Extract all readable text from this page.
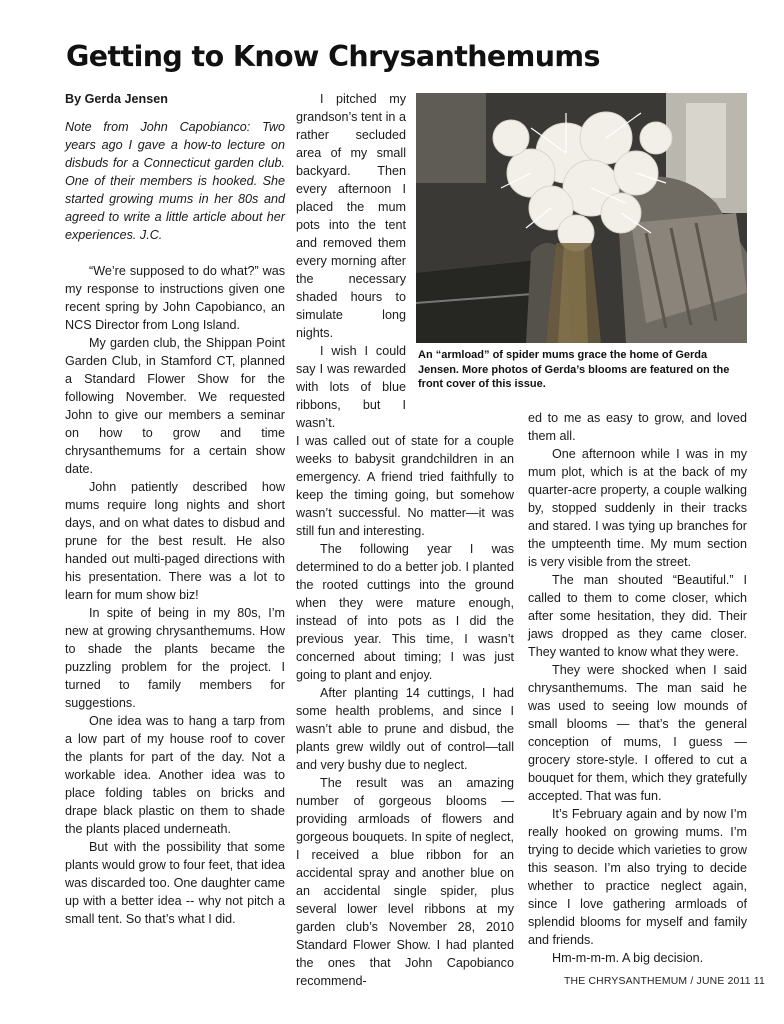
Getting to Know Chrysanthemums

By Gerda Jensen

Note from John Capobianco: Two years ago I gave a how-to lecture on disbuds for a Connecticut garden club. One of their members is hooked. She started growing mums in her 80s and agreed to write a little article about her experiences. J.C.

“We’re supposed to do what?” was my response to instructions given one recent spring by John Capobianco, an NCS Director from Long Island.

My garden club, the Shippan Point Garden Club, in Stamford CT, planned a Standard Flower Show for the following November. We requested John to give our members a seminar on how to grow and time chrysanthemums for a certain show date.

John patiently described how mums require long nights and short days, and on what dates to disbud and prune for the best result. He also handed out multi-paged directions with his presentation. There was a lot to learn for mum show biz!

In spite of being in my 80s, I’m new at growing chrysanthemums. How to shade the plants became the puzzling problem for the project. I turned to family members for suggestions.

One idea was to hang a tarp from a low part of my house roof to cover the plants for part of the day. Not a workable idea. Another idea was to place folding tables on bricks and drape black plastic on them to shade the plants placed underneath.

But with the possibility that some plants would grow to four feet, that idea was discarded too. One daughter came up with a better idea -- why not pitch a small tent. So that’s what I did.

I pitched my grandson’s tent in a rather secluded area of my small backyard. Then every afternoon I placed the mum pots into the tent and removed them every morning after the necessary shaded hours to simulate long nights.

I wish I could say I was rewarded with lots of blue ribbons, but I wasn’t.

I was called out of state for a couple weeks to babysit grandchildren in an emergency. A friend tried faithfully to keep the timing going, but somehow wasn’t successful. No matter—it was still fun and interesting.

The following year I was determined to do a better job. I planted the rooted cuttings into the ground when they were mature enough, instead of into pots as I did the previous year. This time, I wasn’t concerned about timing; I was just going to plant and enjoy.

After planting 14 cuttings, I had some health problems, and since I wasn’t able to prune and disbud, the plants grew wildly out of control—tall and very bushy due to neglect.

The result was an amazing number of gorgeous blooms — providing armloads of flowers and gorgeous bouquets. In spite of neglect, I received a blue ribbon for an accidental spray and another blue on an accidental single spider, plus several lower level ribbons at my garden club’s November 28, 2010 Standard Flower Show. I had planted the ones that John Capobianco recommend-

An “armload” of spider mums grace the home of Gerda Jensen. More photos of Gerda’s blooms are featured on the front cover of this issue.

ed to me as easy to grow, and loved them all.

One afternoon while I was in my mum plot, which is at the back of my quarter-acre property, a couple walking by, stopped suddenly in their tracks and stared. I was tying up branches for the umpteenth time. My mum section is very visible from the street.

The man shouted “Beautiful.” I called to them to come closer, which after some hesitation, they did. Their jaws dropped as they came closer. They wanted to know what they were.

They were shocked when I said chrysanthemums. The man said he was used to seeing low mounds of small blooms — that’s the general conception of mums, I guess — grocery store-style. I offered to cut a bouquet for them, which they gratefully accepted. That was fun.

It’s February again and by now I’m really hooked on growing mums. I’m trying to decide which varieties to grow this season. I’m also trying to decide whether to practice neglect again, since I love gathering armloads of splendid blooms for myself and family and friends.

Hm-m-m-m. A big decision.

THE CHRYSANTHEMUM / JUNE 2011 11
